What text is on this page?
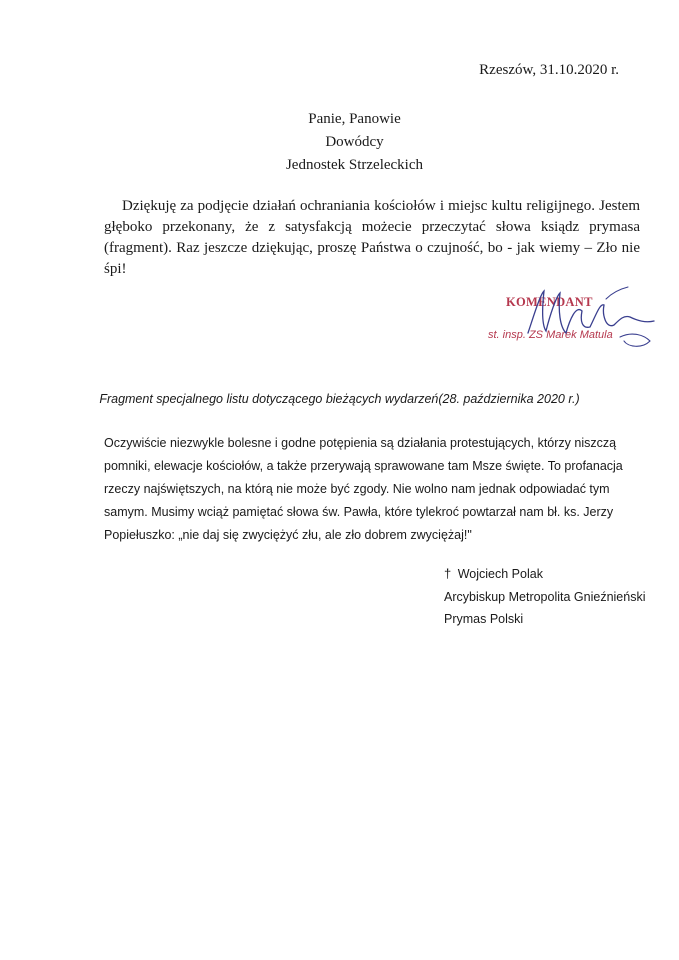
Rzeszów, 31.10.2020 r.
Panie, Panowie
Dowódcy
Jednostek Strzeleckich
Dziękuję za podjęcie działań ochraniania kościołów i miejsc kultu religijnego. Jestem głęboko przekonany, że z satysfakcją możecie przeczytać słowa ksiądz prymasa (fragment). Raz jeszcze dziękując, proszę Państwa o czujność, bo - jak wiemy – Zło nie śpi!
KOMENDANT
st. insp. ZS Marek Matula
Fragment specjalnego listu dotyczącego bieżących wydarzeń(28. października 2020 r.)
Oczywiście niezwykle bolesne i godne potępienia są działania protestujących, którzy niszczą pomniki, elewacje kościołów, a także przerywają sprawowane tam Msze święte. To profanacja rzeczy najświętszych, na którą nie może być zgody. Nie wolno nam jednak odpowiadać tym samym. Musimy wciąż pamiętać słowa św. Pawła, które tylekroć powtarzał nam bł. ks. Jerzy Popiełuszko: „nie daj się zwyciężyć złu, ale zło dobrem zwyciężaj!"
† Wojciech Polak
Arcybiskup Metropolita Gnieźnieński
Prymas Polski
